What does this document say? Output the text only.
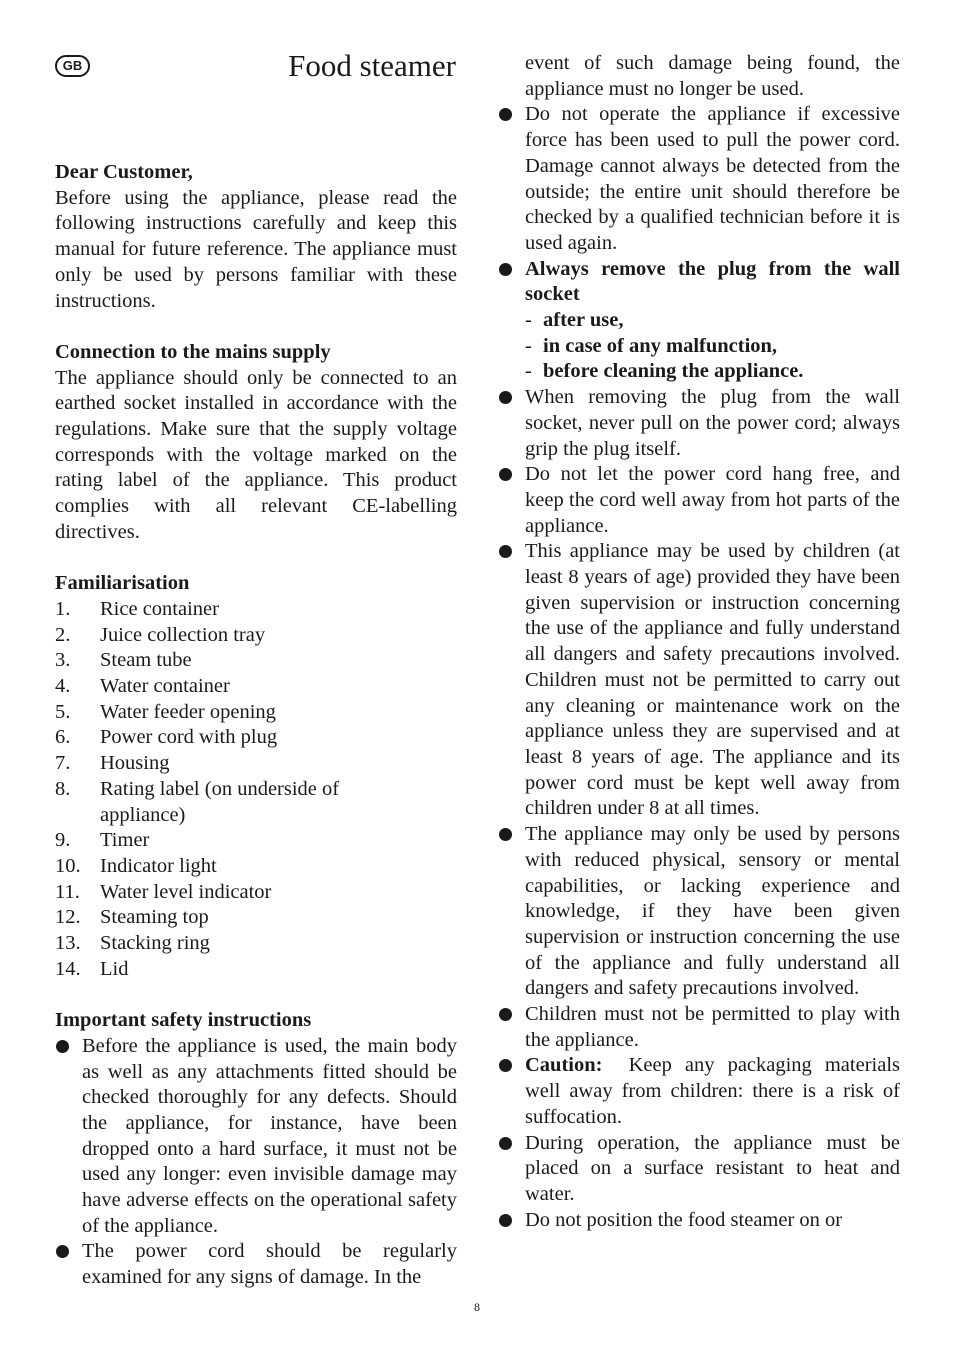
GB	Food steamer
Dear Customer,
Before using the appliance, please read the following instructions carefully and keep this manual for future reference. The appliance must only be used by persons familiar with these instructions.
Connection to the mains supply
The appliance should only be connected to an earthed socket installed in accordance with the regulations. Make sure that the supply voltage corresponds with the voltage marked on the rating label of the appliance. This product complies with all relevant CE-labelling directives.
Familiarisation
1. Rice container
2. Juice collection tray
3. Steam tube
4. Water container
5. Water feeder opening
6. Power cord with plug
7. Housing
8. Rating label (on underside of appliance)
9. Timer
10. Indicator light
11. Water level indicator
12. Steaming top
13. Stacking ring
14. Lid
Important safety instructions
Before the appliance is used, the main body as well as any attachments fitted should be checked thoroughly for any defects. Should the appliance, for instance, have been dropped onto a hard surface, it must not be used any longer: even invisible damage may have adverse effects on the operational safety of the appliance.
The power cord should be regularly examined for any signs of damage. In the
event of such damage being found, the appliance must no longer be used.
Do not operate the appliance if excessive force has been used to pull the power cord. Damage cannot always be detected from the outside; the entire unit should therefore be checked by a qualified technician before it is used again.
Always remove the plug from the wall socket
- after use,
- in case of any malfunction,
- before cleaning the appliance.
When removing the plug from the wall socket, never pull on the power cord; always grip the plug itself.
Do not let the power cord hang free, and keep the cord well away from hot parts of the appliance.
This appliance may be used by children (at least 8 years of age) provided they have been given supervision or instruction concerning the use of the appliance and fully understand all dangers and safety precautions involved. Children must not be permitted to carry out any cleaning or maintenance work on the appliance unless they are supervised and at least 8 years of age. The appliance and its power cord must be kept well away from children under 8 at all times.
The appliance may only be used by persons with reduced physical, sensory or mental capabilities, or lacking experience and knowledge, if they have been given supervision or instruction concerning the use of the appliance and fully understand all dangers and safety precautions involved.
Children must not be permitted to play with the appliance.
Caution: Keep any packaging materials well away from children: there is a risk of suffocation.
During operation, the appliance must be placed on a surface resistant to heat and water.
Do not position the food steamer on or
8
